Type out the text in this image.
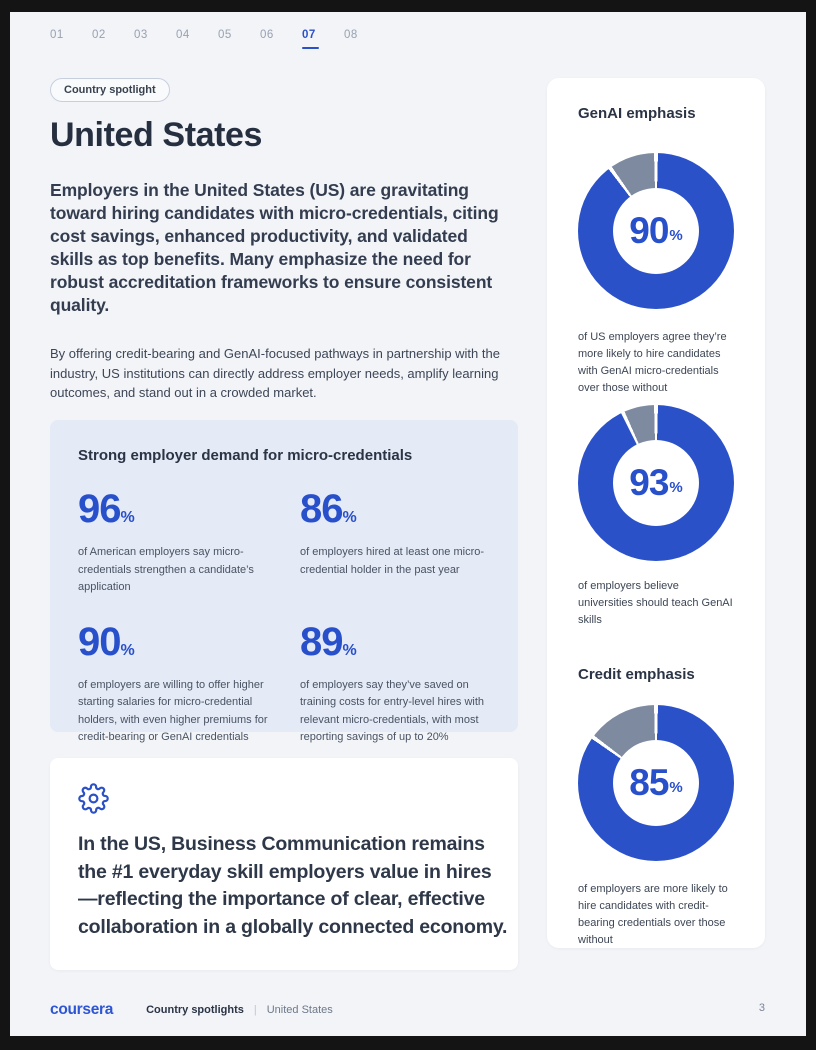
01	02	03	04	05	06	07	08
Country spotlight
United States

Employers in the United States (US) are gravitating toward hiring candidates with micro-credentials, citing cost savings, enhanced productivity, and validated skills as top benefits. Many emphasize the need for robust accreditation frameworks to ensure consistent quality.

By offering credit-bearing and GenAI-focused pathways in partnership with the industry, US institutions can directly address employer needs, amplify learning outcomes, and stand out in a crowded market.

Strong employer demand for micro-credentials
96%
of American employers say micro-credentials strengthen a candidate’s application
86%
of employers hired at least one micro-credential holder in the past year
90%
of employers are willing to offer higher starting salaries for micro-credential holders, with even higher premiums for credit-bearing or GenAI credentials
89%
of employers say they’ve saved on training costs for entry-level hires with relevant micro-credentials, with most reporting savings of up to 20%

In the US, Business Communication remains the #1 everyday skill employers value in hires—reflecting the importance of clear, effective collaboration in a globally connected economy.

GenAI emphasis
90 %

of US employers agree they’re more likely to hire candidates with GenAI micro-credentials over those without

93 %

of employers believe universities should teach GenAI skills

Credit emphasis
85 %

of employers are more likely to hire candidates with credit-bearing credentials over those without

coursera	Country spotlights | United States	3
